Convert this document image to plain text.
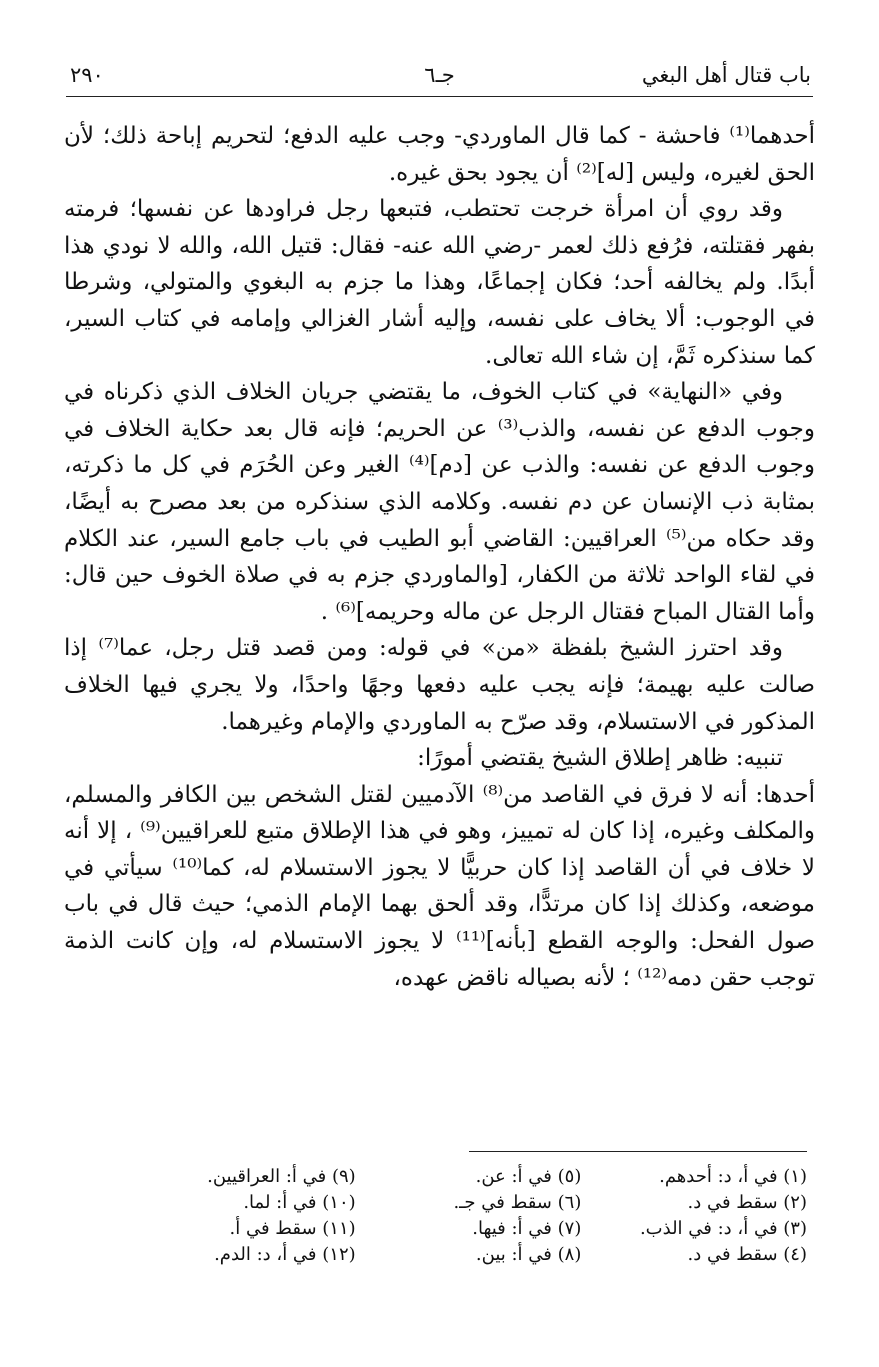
باب قتال أهل البغي
جـ٦
٢٩٠

أحدهما⁽¹⁾ فاحشة - كما قال الماوردي- وجب عليه الدفع؛ لتحريم إباحة ذلك؛ لأن الحق لغيره، وليس [له]⁽²⁾ أن يجود بحق غيره.

وقد روي أن امرأة خرجت تحتطب، فتبعها رجل فراودها عن نفسها؛ فرمته بفهر فقتلته، فرُفع ذلك لعمر -رضي الله عنه- فقال: قتيل الله، والله لا نودي هذا أبدًا. ولم يخالفه أحد؛ فكان إجماعًا، وهذا ما جزم به البغوي والمتولي، وشرطا في الوجوب: ألا يخاف على نفسه، وإليه أشار الغزالي وإمامه في كتاب السير، كما سنذكره ثَمَّ، إن شاء الله تعالى.

وفي «النهاية» في كتاب الخوف، ما يقتضي جريان الخلاف الذي ذكرناه في وجوب الدفع عن نفسه، والذب⁽³⁾ عن الحريم؛ فإنه قال بعد حكاية الخلاف في وجوب الدفع عن نفسه: والذب عن [دم]⁽⁴⁾ الغير وعن الحُرَم في كل ما ذكرته، بمثابة ذب الإنسان عن دم نفسه. وكلامه الذي سنذكره من بعد مصرح به أيضًا، وقد حكاه من⁽⁵⁾ العراقيين: القاضي أبو الطيب في باب جامع السير، عند الكلام في لقاء الواحد ثلاثة من الكفار، [والماوردي جزم به في صلاة الخوف حين قال: وأما القتال المباح فقتال الرجل عن ماله وحريمه]⁽⁶⁾ .

وقد احترز الشيخ بلفظة «من» في قوله: ومن قصد قتل رجل، عما⁽⁷⁾ إذا صالت عليه بهيمة؛ فإنه يجب عليه دفعها وجهًا واحدًا، ولا يجري فيها الخلاف المذكور في الاستسلام، وقد صرّح به الماوردي والإمام وغيرهما.

تنبيه: ظاهر إطلاق الشيخ يقتضي أمورًا:

أحدها: أنه لا فرق في القاصد من⁽⁸⁾ الآدميين لقتل الشخص بين الكافر والمسلم، والمكلف وغيره، إذا كان له تمييز، وهو في هذا الإطلاق متبع للعراقيين⁽⁹⁾ ، إلا أنه لا خلاف في أن القاصد إذا كان حربيًّا لا يجوز الاستسلام له، كما⁽¹⁰⁾ سيأتي في موضعه، وكذلك إذا كان مرتدًّا، وقد ألحق بهما الإمام الذمي؛ حيث قال في باب صول الفحل: والوجه القطع [بأنه]⁽¹¹⁾ لا يجوز الاستسلام له، وإن كانت الذمة توجب حقن دمه⁽¹²⁾ ؛ لأنه بصياله ناقض عهده،

(١) في أ، د: أحدهم.
(٢) سقط في د.
(٣) في أ، د: في الذب.
(٤) سقط في د.
(٥) في أ: عن.
(٦) سقط في جـ.
(٧) في أ: فيها.
(٨) في أ: بين.
(٩) في أ: العراقيين.
(١٠) في أ: لما.
(١١) سقط في أ.
(١٢) في أ، د: الدم.
